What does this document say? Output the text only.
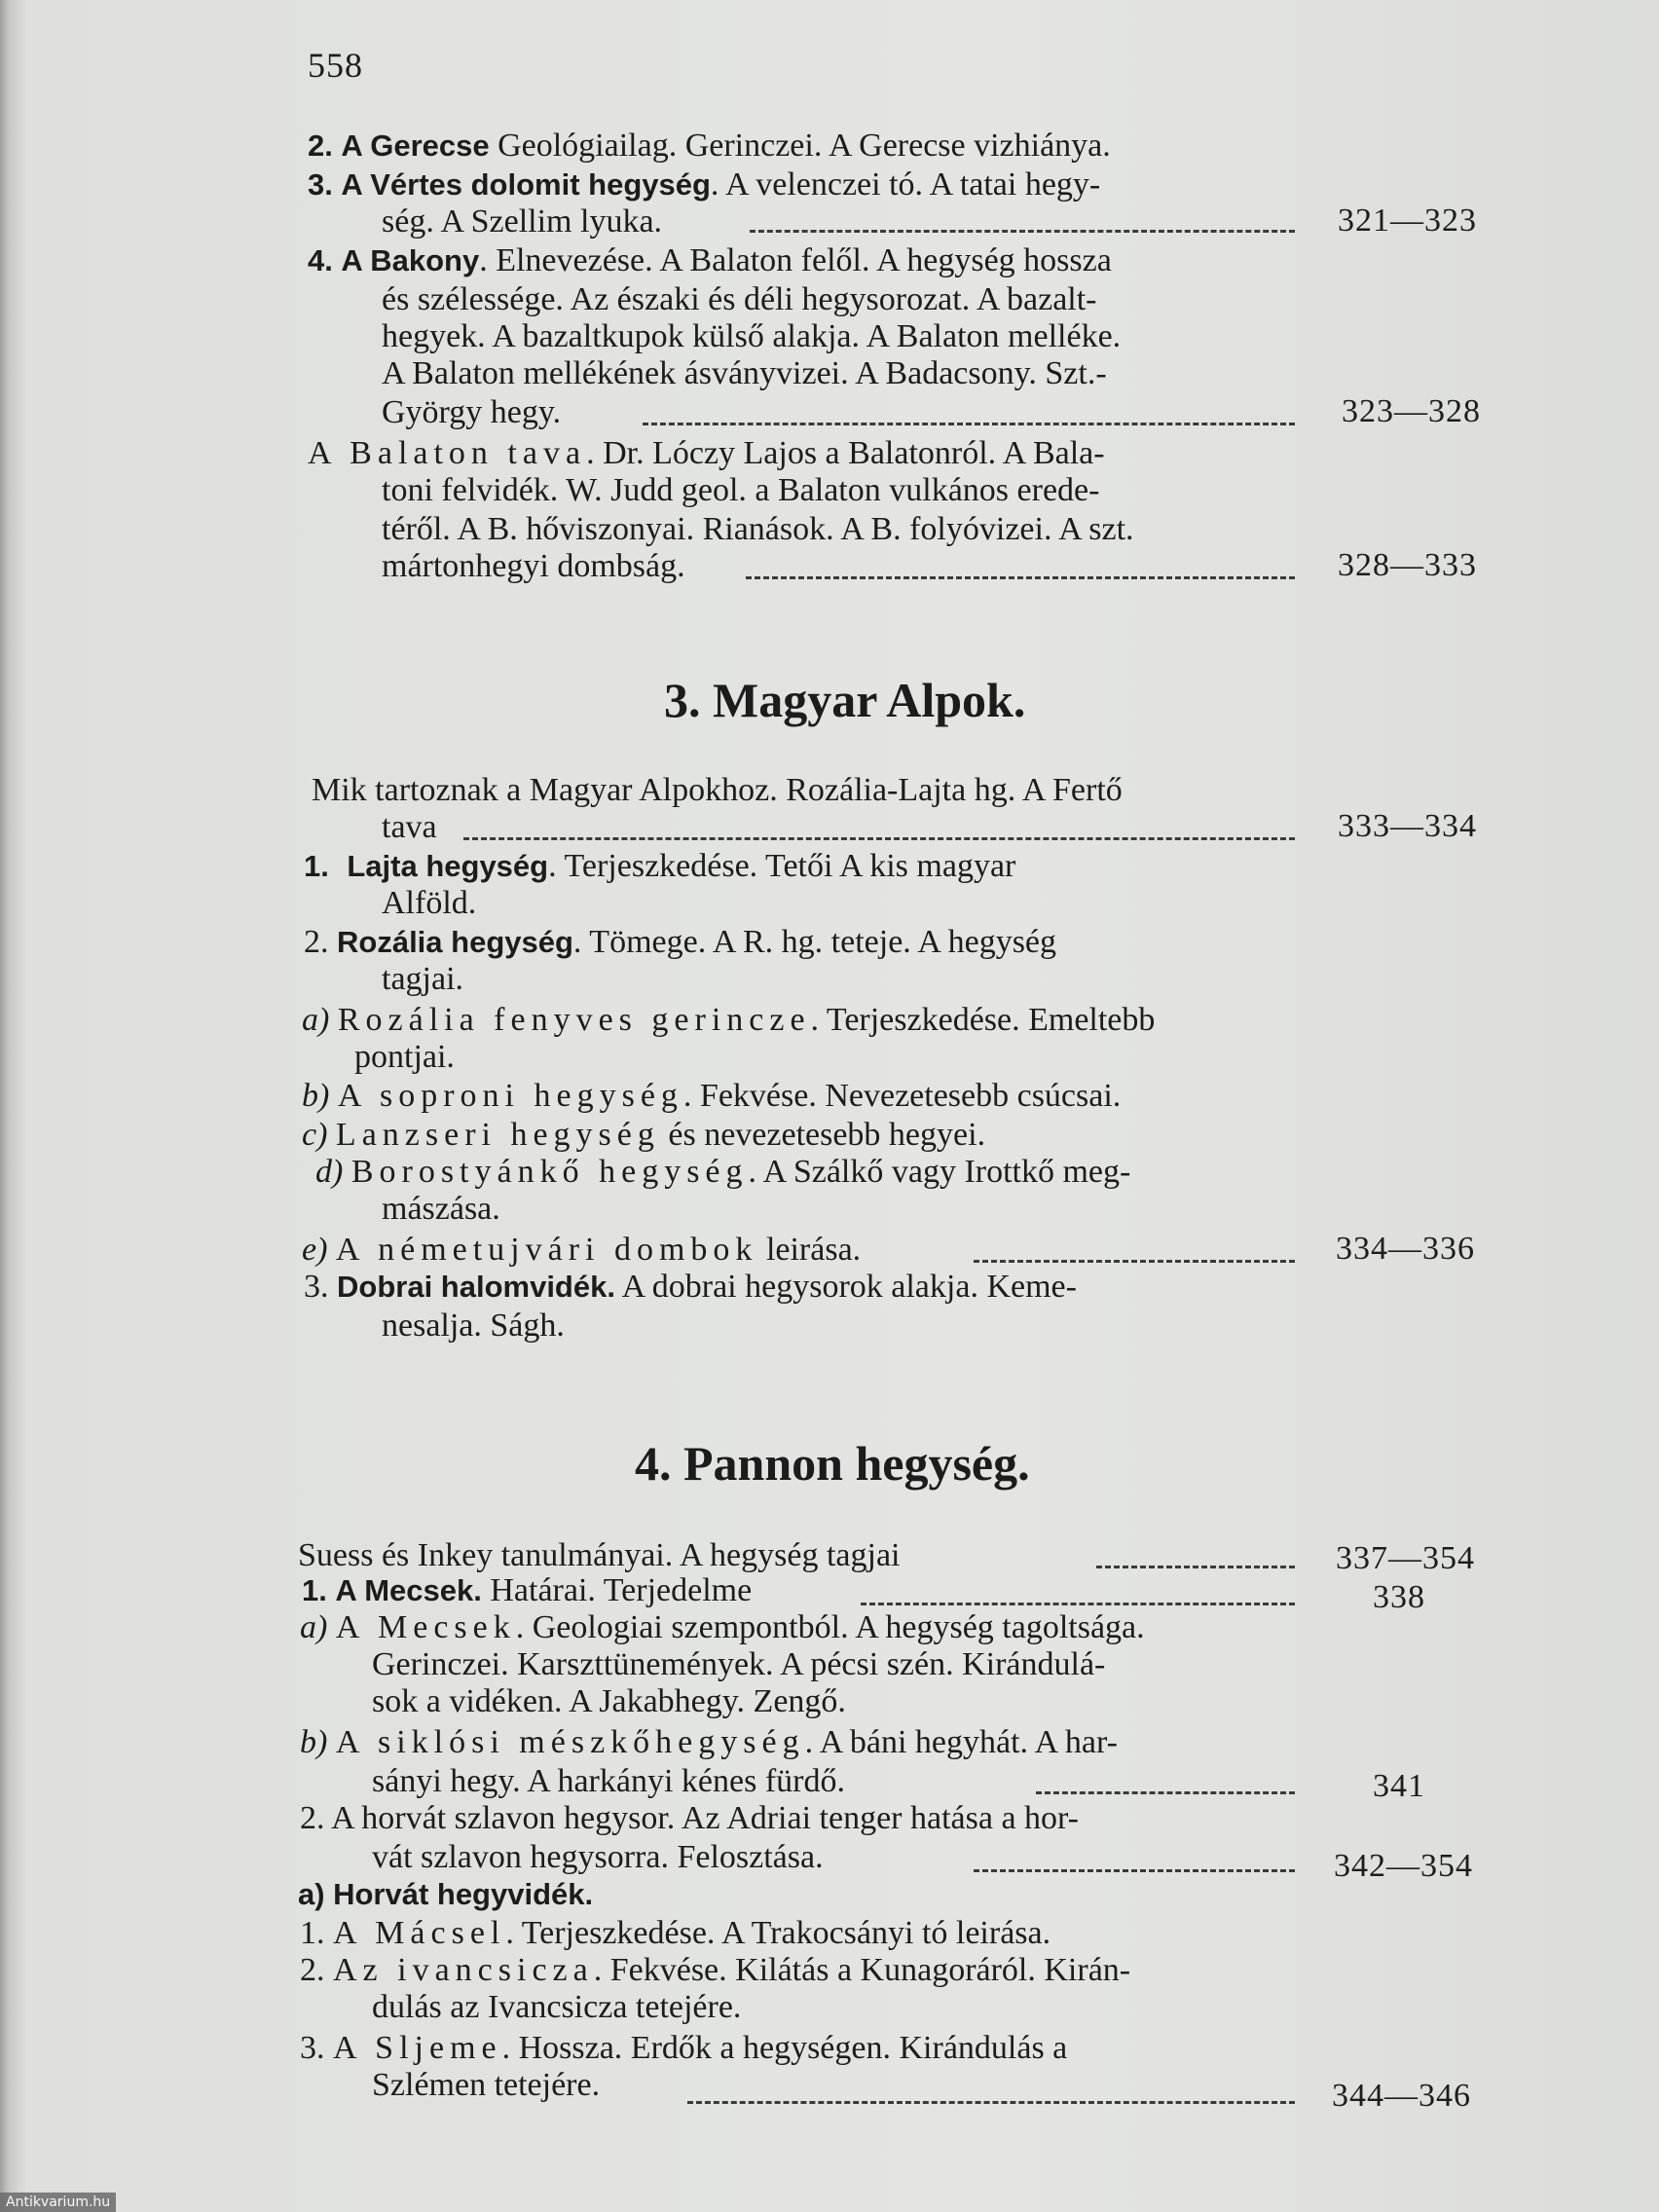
558
2. A Gerecse Geológiailag. Gerinczei. A Gerecse vizhiánya.
3. A Vértes dolomit hegység. A velenczei tó. A tatai hegy-
ség. A Szellim lyuka.	321—323
4. A Bakony. Elnevezése. A Balaton felől. A hegység hossza
és szélessége. Az északi és déli hegysorozat. A bazalt-
hegyek. A bazaltkupok külső alakja. A Balaton melléke.
A Balaton mellékének ásványvizei. A Badacsony. Szt.-
György hegy.	323—328
A Balaton tava. Dr. Lóczy Lajos a Balatonról. A Bala-
toni felvidék. W. Judd geol. a Balaton vulkános erede-
téről. A B. hőviszonyai. Rianások. A B. folyóvizei. A szt.
mártonhegyi dombság.	328—333
3. Magyar Alpok.
Mik tartoznak a Magyar Alpokhoz. Rozália-Lajta hg. A Fertő
tava	333—334
1. Lajta hegység. Terjeszkedése. Tetői A kis magyar
Alföld.
2. Rozália hegység. Tömege. A R. hg. teteje. A hegység
tagjai.
a) Rozália fenyves gerincze. Terjeszkedése. Emeltebb
pontjai.
b) A soproni hegység. Fekvése. Nevezetesebb csúcsai.
c) Lanzseri hegység és nevezetesebb hegyei.
d) Borostyánkő hegység. A Szálkő vagy Irottkő meg-
mászása.
e) A németujvári dombok leirása.	334—336
3. Dobrai halomvidék. A dobrai hegysorok alakja. Keme-
nesalja. Ságh.
4. Pannon hegység.
Suess és Inkey tanulmányai. A hegység tagjai	337—354
1. A Mecsek. Határai. Terjedelme	338
a) A Mecsek. Geologiai szempontból. A hegység tagoltsága.
Gerinczei. Karszttünemények. A pécsi szén. Kirándulá-
sok a vidéken. A Jakabhegy. Zengő.
b) A siklósi mészkőhegység. A báni hegyhát. A har-
sányi hegy. A harkányi kénes fürdő.	341
2. A horvát szlavon hegysor. Az Adriai tenger hatása a hor-
vát szlavon hegysorra. Felosztása.	342—354
a) Horvát hegyvidék.
1. A Mácsel. Terjeszkedése. A Trakocsányi tó leirása.
2. Az ivancsicza. Fekvése. Kilátás a Kunagoráról. Kirán-
dulás az Ivancsicza tetejére.
3. A Sljeme. Hossza. Erdők a hegységen. Kirándulás a
Szlémen tetejére.	344—346
Antikvarium.hu
